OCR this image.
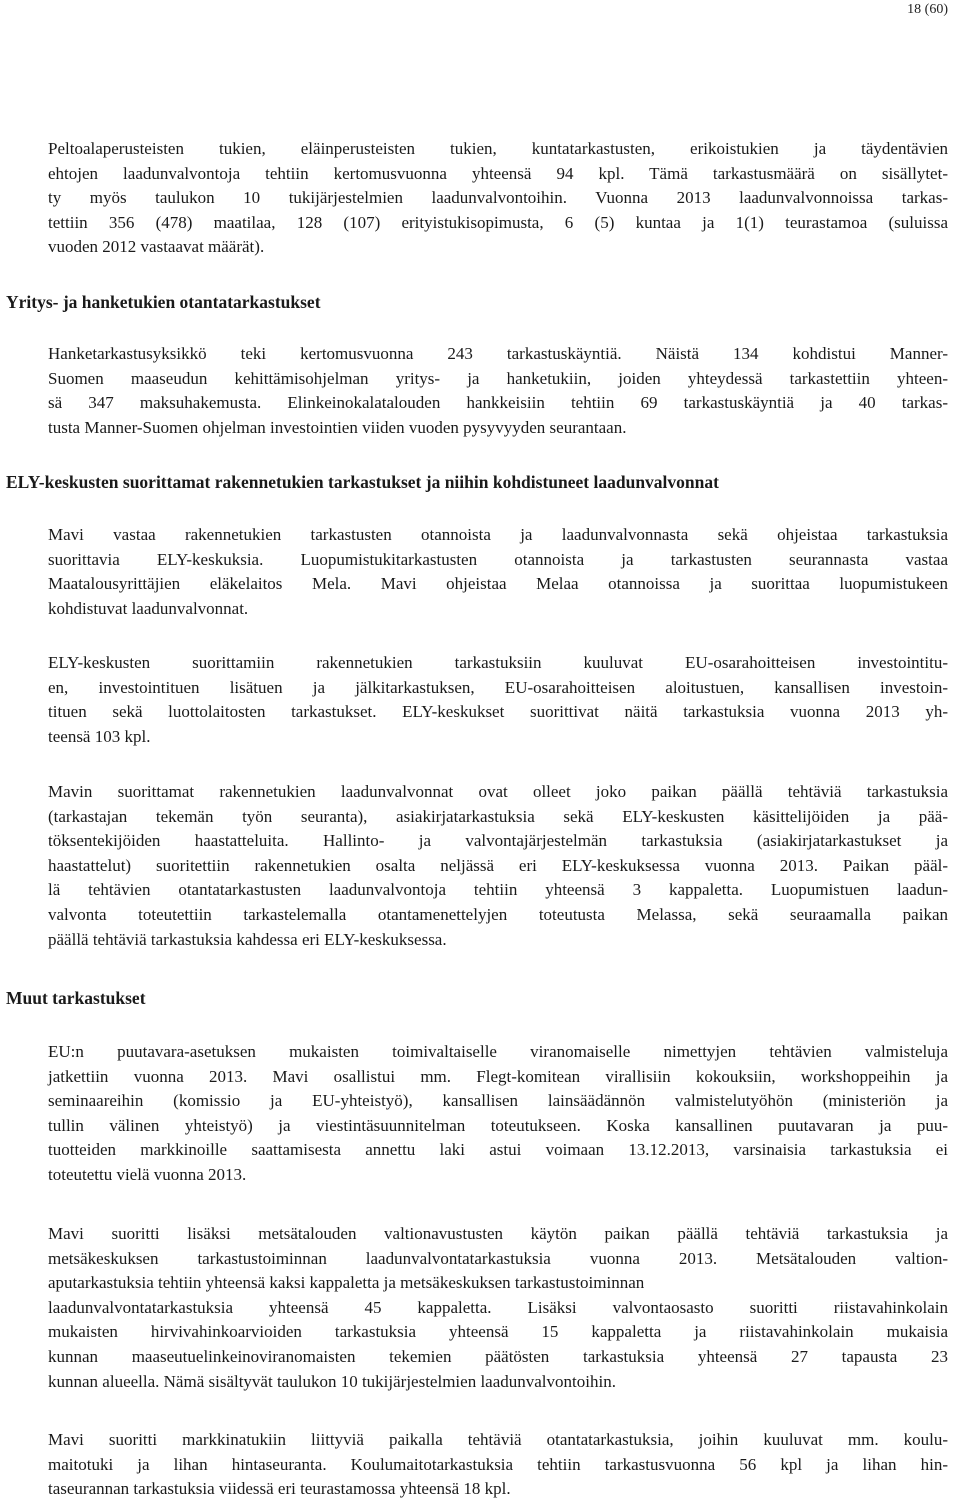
18 (60)
Peltoalaperusteisten tukien, eläinperusteisten tukien, kuntatarkastusten, erikoistukien ja täydentävien
ehtojen laadunvalvontoja tehtiin kertomusvuonna yhteensä 94 kpl. Tämä tarkastusmäärä on sisällytet-
ty myös taulukon 10 tukijärjestelmien laadunvalvontoihin. Vuonna 2013 laadunvalvonnoissa tarkas-
tettiin 356 (478) maatilaa, 128 (107) erityistukisopimusta, 6 (5) kuntaa ja 1(1) teurastamoa (suluissa
vuoden 2012 vastaavat määrät).
Yritys- ja hanketukien otantatarkastukset
Hanketarkastusyksikkö teki kertomusvuonna 243 tarkastuskäyntiä. Näistä 134 kohdistui Manner-
Suomen maaseudun kehittämisohjelman yritys- ja hanketukiin, joiden yhteydessä tarkastettiin yhteen-
sä 347 maksuhakemusta. Elinkeinokalatalouden hankkeisiin tehtiin 69 tarkastuskäyntiä ja 40 tarkas-
tusta Manner-Suomen ohjelman investointien viiden vuoden pysyvyyden seurantaan.
ELY-keskusten suorittamat rakennetukien tarkastukset ja niihin kohdistuneet laadunvalvonnat
Mavi vastaa rakennetukien tarkastusten otannoista ja laadunvalvonnasta sekä ohjeistaa tarkastuksia
suorittavia ELY-keskuksia. Luopumistukitarkastusten otannoista ja tarkastusten seurannasta vastaa
Maatalousyrittäjien eläkelaitos Mela. Mavi ohjeistaa Melaa otannoissa ja suorittaa luopumistukeen
kohdistuvat laadunvalvonnat.
ELY-keskusten suorittamiin rakennetukien tarkastuksiin kuuluvat EU-osarahoitteisen investointitu-
en, investointituen lisätuen ja jälkitarkastuksen, EU-osarahoitteisen aloitustuen, kansallisen investoin-
tituen sekä luottolaitosten tarkastukset. ELY-keskukset suorittivat näitä tarkastuksia vuonna 2013 yh-
teensä 103 kpl.
Mavin suorittamat rakennetukien laadunvalvonnat ovat olleet joko paikan päällä tehtäviä tarkastuksia
(tarkastajan tekemän työn seuranta), asiakirjatarkastuksia sekä ELY-keskusten käsittelijöiden ja pää-
töksentekijöiden haastatteluita. Hallinto- ja valvontajärjestelmän tarkastuksia (asiakirjatarkastukset ja
haastattelut) suoritettiin rakennetukien osalta neljässä eri ELY-keskuksessa vuonna 2013. Paikan pääl-
lä tehtävien otantatarkastusten laadunvalvontoja tehtiin yhteensä 3 kappaletta. Luopumistuen laadun-
valvonta toteutettiin tarkastelemalla otantamenettelyjen toteutusta Melassa, sekä seuraamalla paikan
päällä tehtäviä tarkastuksia kahdessa eri ELY-keskuksessa.
Muut tarkastukset
EU:n puutavara-asetuksen mukaisten toimivaltaiselle viranomaiselle nimettyjen tehtävien valmisteluja
jatkettiin vuonna 2013. Mavi osallistui mm. Flegt-komitean virallisiin kokouksiin, workshoppeihin ja
seminaareihin (komissio ja EU-yhteistyö), kansallisen lainsäädännön valmistelutyöhön (ministeriön ja
tullin välinen yhteistyö) ja viestintäsuunnitelman toteutukseen. Koska kansallinen puutavaran ja puu-
tuotteiden markkinoille saattamisesta annettu laki astui voimaan 13.12.2013, varsinaisia tarkastuksia ei
toteutettu vielä vuonna 2013.
Mavi suoritti lisäksi metsätalouden valtionavustusten käytön paikan päällä tehtäviä tarkastuksia ja
metsäkeskuksen tarkastustoiminnan laadunvalvontatarkastuksia vuonna 2013. Metsätalouden valtion-
aputarkastuksia tehtiin yhteensä kaksi kappaletta ja metsäkeskuksen tarkastustoiminnan
laadunvalvontatarkastuksia yhteensä 45 kappaletta. Lisäksi valvontaosasto suoritti riistavahinkolain
mukaisten hirvivahinkoarvioiden tarkastuksia yhteensä 15 kappaletta ja riistavahinkolain mukaisia
kunnan maaseutuelinkeinoviranomaisten tekemien päätösten tarkastuksia yhteensä 27 tapausta 23
kunnan alueella. Nämä sisältyvät taulukon 10 tukijärjestelmien laadunvalvontoihin.
Mavi suoritti markkinatukiin liittyviä paikalla tehtäviä otantatarkastuksia, joihin kuuluvat mm. koulu-
maitotuki ja lihan hintaseuranta. Koulumaitotarkastuksia tehtiin tarkastusvuonna 56 kpl ja lihan hin-
taseurannan tarkastuksia viidessä eri teurastamossa yhteensä 18 kpl.
